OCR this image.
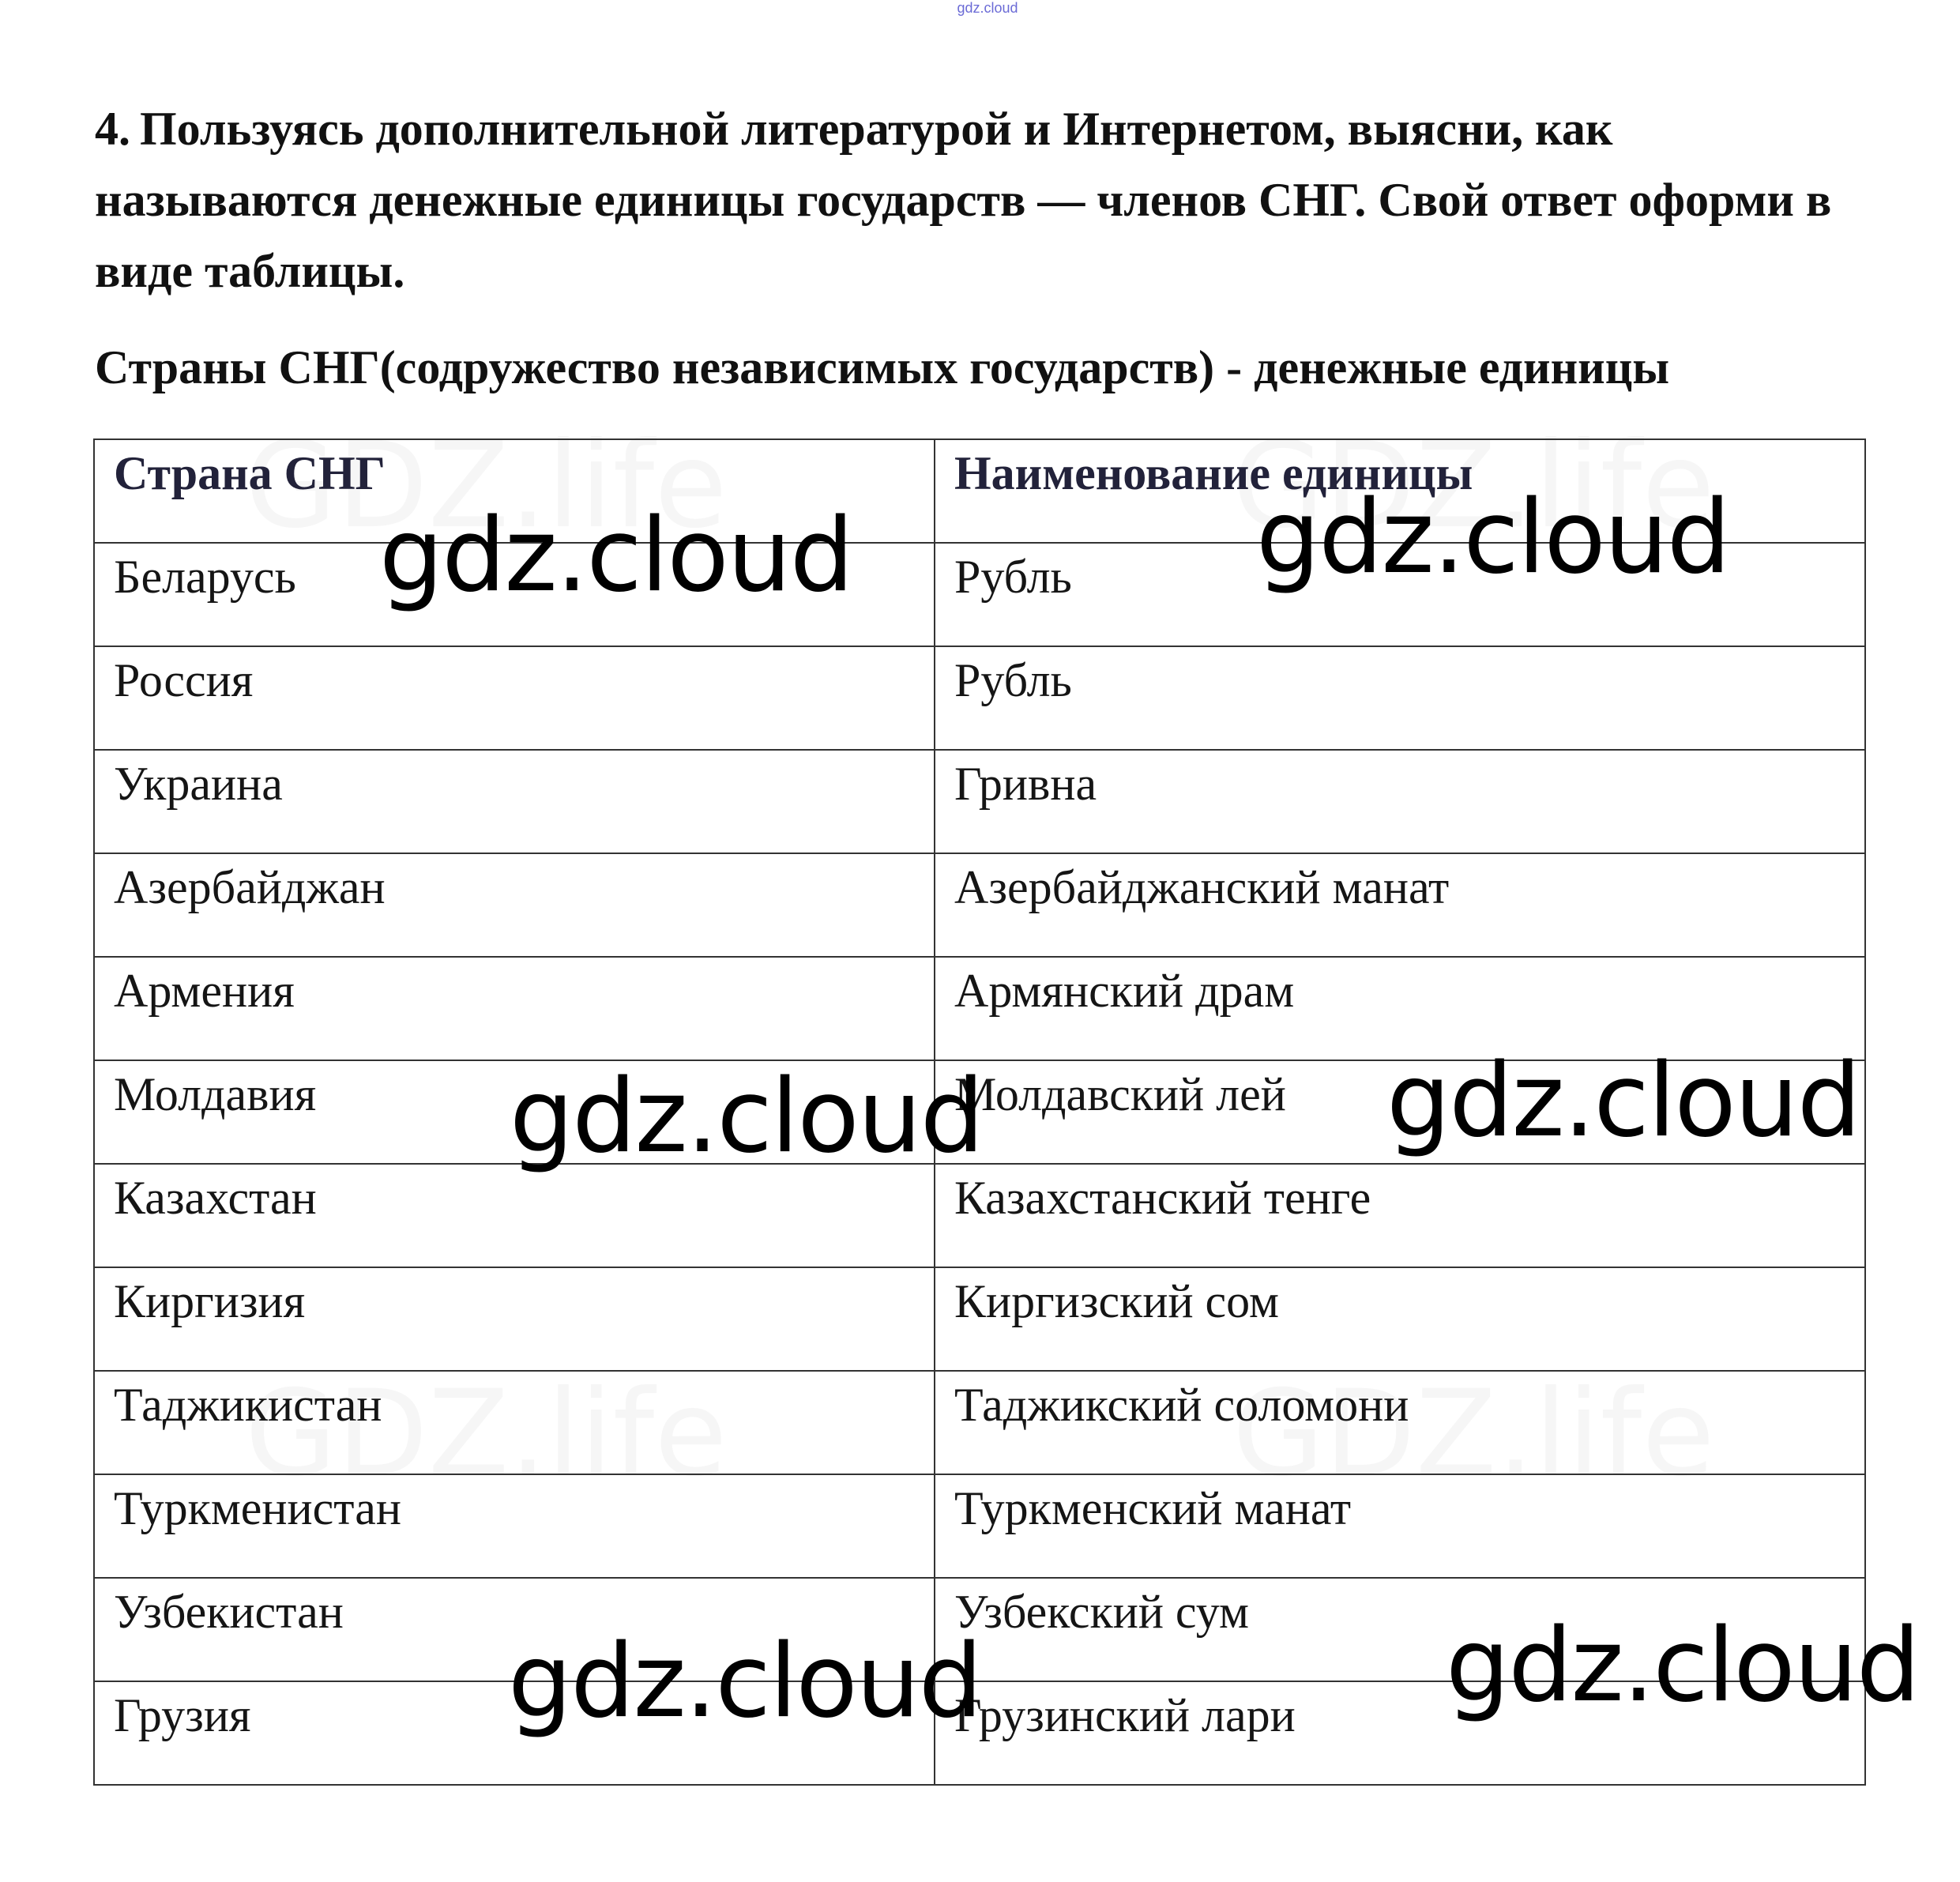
gdz.cloud

4. Пользуясь дополнительной литературой и Интернетом, выясни, как называются денежные единицы государств — членов СНГ. Свой ответ оформи в виде таблицы.

Страны СНГ(содружество независимых государств) - денежные единицы

Страна СНГ	Наименование единицы
Беларусь	Рубль
Россия	Рубль
Украина	Гривна
Азербайджан	Азербайджанский манат
Армения	Армянский драм
Молдавия	Молдавский лей
Казахстан	Казахстанский тенге
Киргизия	Киргизский сом
Таджикистан	Таджикский соломони
Туркменистан	Туркменский манат
Узбекистан	Узбекский сум
Грузия	Грузинский лари
gdz.cloud	gdz.cloud
gdz.cloud	gdz.cloud
gdz.cloud	gdz.cloud
